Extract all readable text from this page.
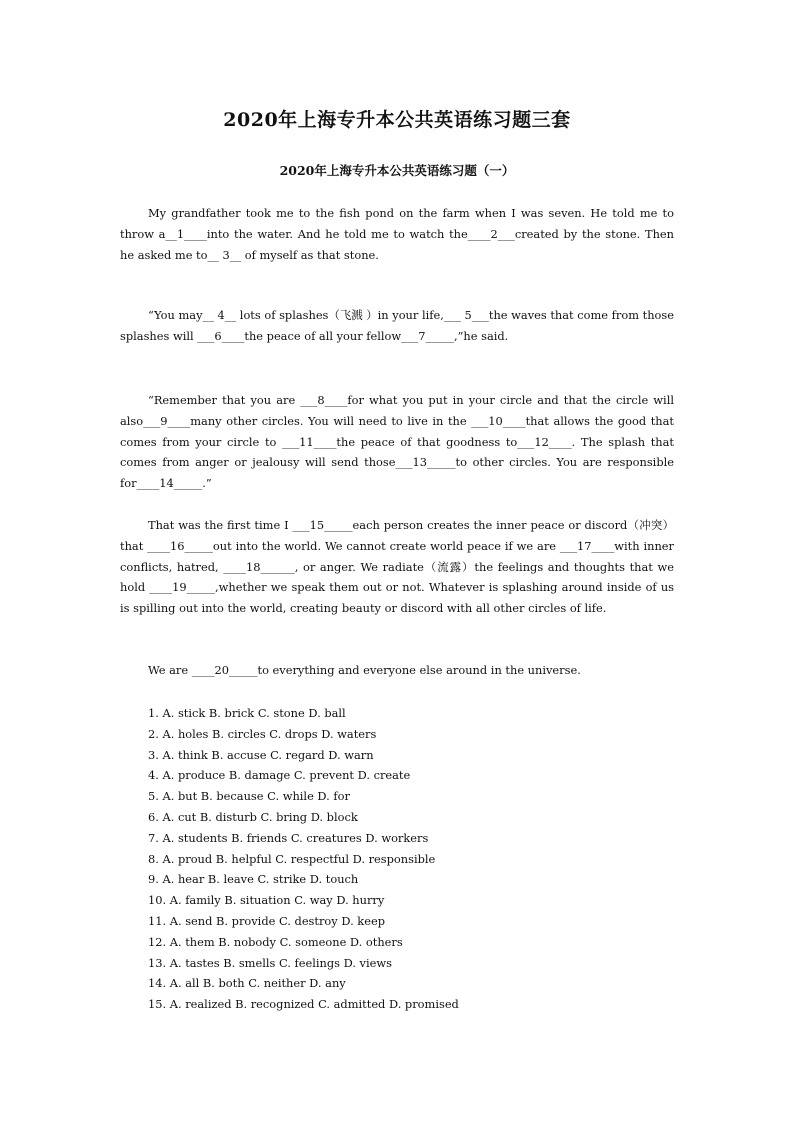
2020年上海专升本公共英语练习题三套
2020年上海专升本公共英语练习题（一）

My grandfather took me to the fish pond on the farm when I was seven. He told me to throw a__1____into the water. And he told me to watch the____2___created by the stone. Then he asked me to__ 3__ of myself as that stone.

“You may__ 4__ lots of splashes（飞溅 ）in your life,___ 5___the waves that come from those splashes will ___6____the peace of all your fellow___7_____,”he said.

“Remember that you are ___8____for what you put in your circle and that the circle will also___9____many other circles. You will need to live in the ___10____that allows the good that comes from your circle to ___11____the peace of that goodness to___12____. The splash that comes from anger or jealousy will send those___13_____to other circles. You are responsible for____14_____.”

That was the first time I ___15_____each person creates the inner peace or discord（冲突）that ____16_____out into the world. We cannot create world peace if we are ___17____with inner conflicts, hatred, ____18______, or anger. We radiate（流露）the feelings and thoughts that we hold ____19_____,whether we speak them out or not. Whatever is splashing around inside of us is spilling out into the world, creating beauty or discord with all other circles of life.

We are ____20_____to everything and everyone else around in the universe.

1. A. stick B. brick C. stone D. ball
2. A. holes B. circles C. drops D. waters
3. A. think B. accuse C. regard D. warn
4. A. produce B. damage C. prevent D. create
5. A. but B. because C. while D. for
6. A. cut B. disturb C. bring D. block
7. A. students B. friends C. creatures D. workers
8. A. proud B. helpful C. respectful D. responsible
9. A. hear B. leave C. strike D. touch
10. A. family B. situation C. way D. hurry
11. A. send B. provide C. destroy D. keep
12. A. them B. nobody C. someone D. others
13. A. tastes B. smells C. feelings D. views
14. A. all B. both C. neither D. any
15. A. realized B. recognized C. admitted D. promised
